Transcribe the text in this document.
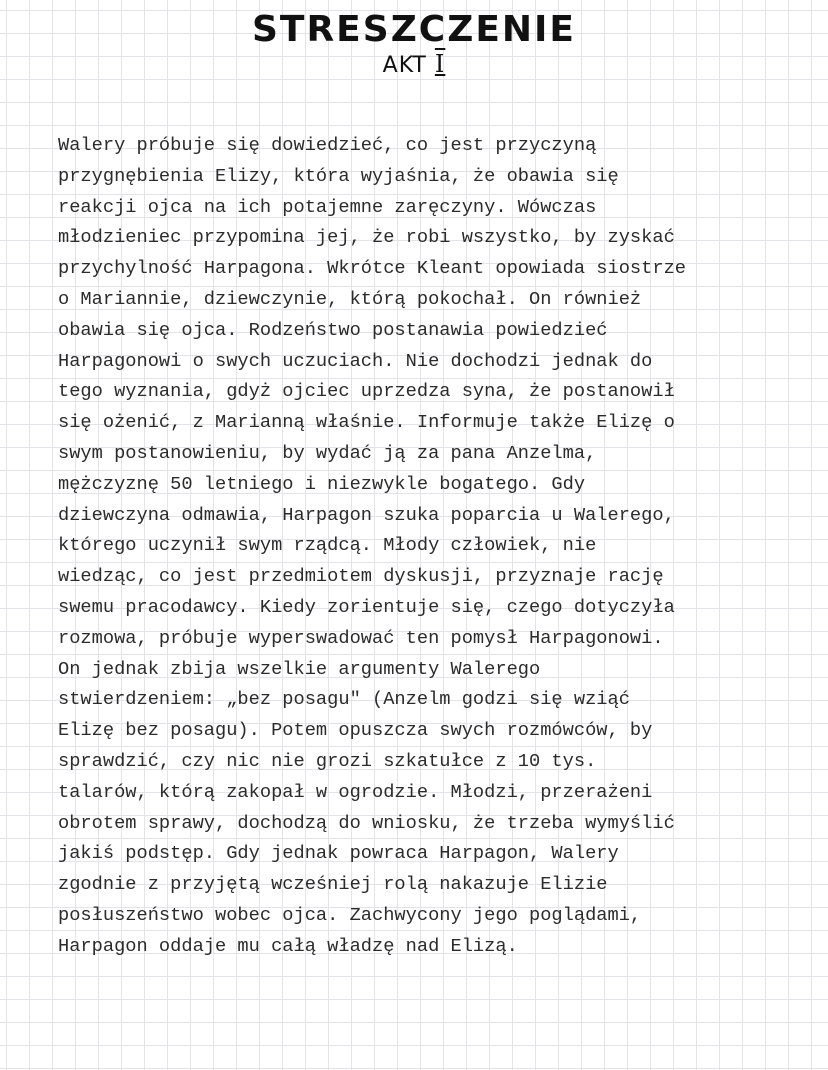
STRESZCZENIE
AKT I
Walery próbuje się dowiedzieć, co jest przyczyną
przygnębienia Elizy, która wyjaśnia, że obawia się
reakcji ojca na ich potajemne zaręczyny. Wówczas
młodzieniec przypomina jej, że robi wszystko, by zyskać
przychylność Harpagona. Wkrótce Kleant opowiada siostrze
o Mariannie, dziewczynie, którą pokochał. On również
obawia się ojca. Rodzeństwo postanawia powiedzieć
Harpagonowi o swych uczuciach. Nie dochodzi jednak do
tego wyznania, gdyż ojciec uprzedza syna, że postanowił
się ożenić, z Marianną właśnie. Informuje także Elizę o
swym postanowieniu, by wydać ją za pana Anzelma,
mężczyznę 50 letniego i niezwykle bogatego. Gdy
dziewczyna odmawia, Harpagon szuka poparcia u Walerego,
którego uczynił swym rządcą. Młody człowiek, nie
wiedząc, co jest przedmiotem dyskusji, przyznaje rację
swemu pracodawcy. Kiedy zorientuje się, czego dotyczyła
rozmowa, próbuje wyperswadować ten pomysł Harpagonowi.
On jednak zbija wszelkie argumenty Walerego
stwierdzeniem: „bez posagu" (Anzelm godzi się wziąć
Elizę bez posagu). Potem opuszcza swych rozmówców, by
sprawdzić, czy nic nie grozi szkatułce z 10 tys.
talarów, którą zakopał w ogrodzie. Młodzi, przerażeni
obrotem sprawy, dochodzą do wniosku, że trzeba wymyślić
jakiś podstęp. Gdy jednak powraca Harpagon, Walery
zgodnie z przyjętą wcześniej rolą nakazuje Elizie
posłuszeństwo wobec ojca. Zachwycony jego poglądami,
Harpagon oddaje mu całą władzę nad Elizą.
